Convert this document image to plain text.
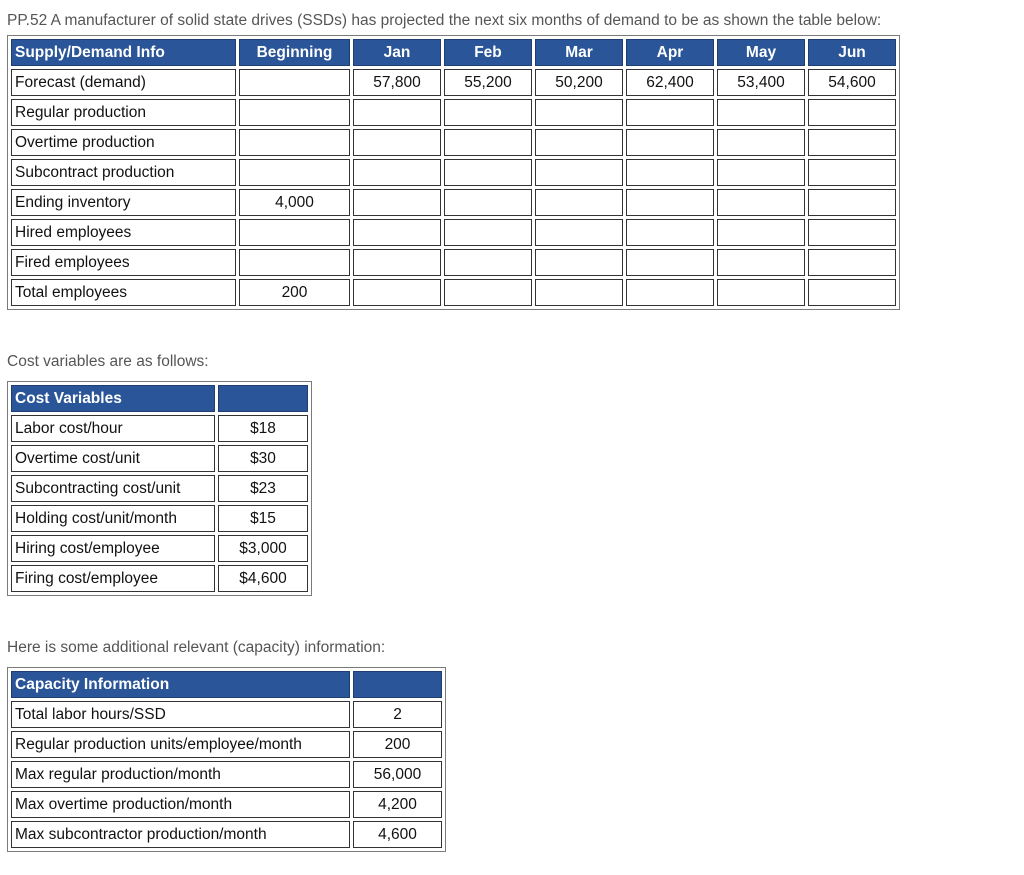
PP.52 A manufacturer of solid state drives (SSDs) has projected the next six months of demand to be as shown the table below:
Supply/Demand Info	Beginning	Jan	Feb	Mar	Apr	May	Jun
Forecast (demand)		57,800	55,200	50,200	62,400	53,400	54,600
Regular production							
Overtime production							
Subcontract production							
Ending inventory	4,000						
Hired employees							
Fired employees							
Total employees	200						
Cost variables are as follows:
Cost Variables	
Labor cost/hour	$18
Overtime cost/unit	$30
Subcontracting cost/unit	$23
Holding cost/unit/month	$15
Hiring cost/employee	$3,000
Firing cost/employee	$4,600
Here is some additional relevant (capacity) information:
Capacity Information	
Total labor hours/SSD	2
Regular production units/employee/month	200
Max regular production/month	56,000
Max overtime production/month	4,200
Max subcontractor production/month	4,600
